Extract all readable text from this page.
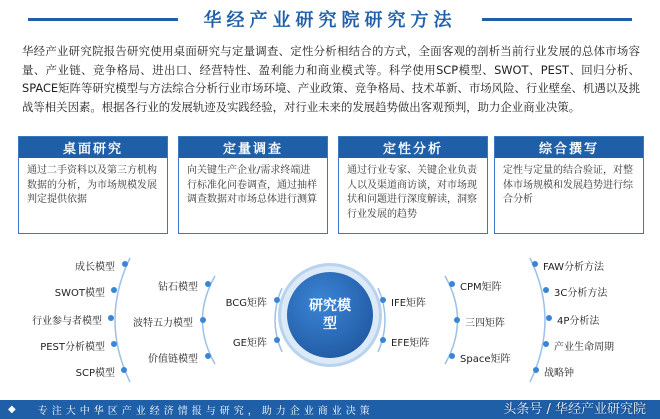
华经产业研究院研究方法
华经产业研究院报告研究使用桌面研究与定量调查、定性分析相结合的方式，全面客观的剖析当前行业发展的总体市场容量、产业链、竞争格局、进出口、经营特性、盈利能力和商业模式等。科学使用SCP模型、SWOT、PEST、回归分析、SPACE矩阵等研究模型与方法综合分析行业市场环境、产业政策、竞争格局、技术革新、市场风险、行业壁垒、机遇以及挑战等相关因素。根据各行业的发展轨迹及实践经验，对行业未来的发展趋势做出客观预判，助力企业商业决策。
桌面研究
通过二手资料以及第三方机构数据的分析，为市场规模发展判定提供依据
定量调查
向关键生产企业/需求终端进行标准化问卷调查，通过抽样调查数据对市场总体进行测算
定性分析
通过行业专家、关键企业负责人以及渠道商访谈，对市场现状和问题进行深度解读，洞察行业发展的趋势
综合撰写
定性与定量的结合验证，对整体市场规模和发展趋势进行综合分析
成长模型
SWOT模型
行业参与者模型
PEST分析模型
SCP模型
钻石模型
波特五力模型
价值链模型
BCG矩阵
GE矩阵
研究模型
IFE矩阵
EFE矩阵
CPM矩阵
三四矩阵
Space矩阵
FAW分析方法
3C分析方法
4P分析法
产业生命周期
战略钟
◆ 专注大中华区产业经济情报与研究，助力企业商业决策	头条号 / 华经产业研究院
